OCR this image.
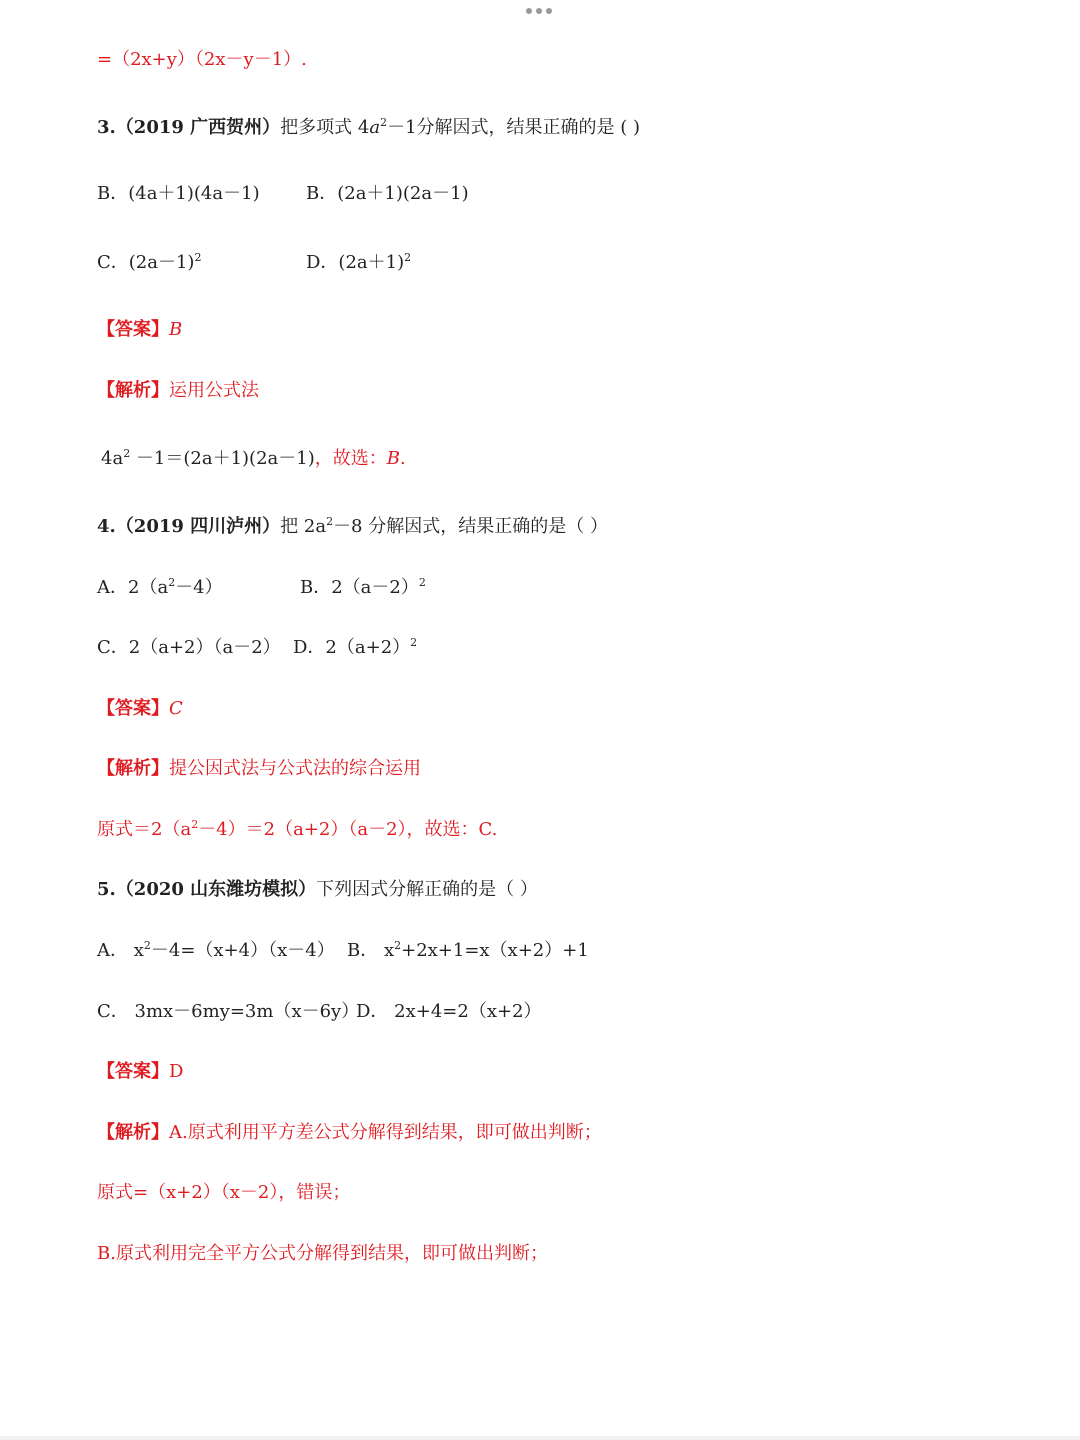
=（2x+y）（2x－y－1）.
3.（2019 广西贺州）把多项式 $4a^2-1$分解因式，结果正确的是 ( )
B．(4a＋1)(4a－1)	B．(2a＋1)(2a－1)
C．$(2a-1)^2$	D．$(2a+1)^2$
【答案】B
【解析】运用公式法
$4a^2 -1=(2a+1)(2a-1)$，故选：B.
4.（2019 四川泸州）把 $2a^2-8$ 分解因式，结果正确的是（ ）
A．$2(a^2-4)$	B．$2(a-2)^2$
C．2（a+2）（a－2） D．$2(a+2)^2$
【答案】C
【解析】提公因式法与公式法的综合运用
原式$=2(a^2-4)=2(a+2)(a-2)$，故选：C.
5.（2020 山东潍坊模拟）下列因式分解正确的是（ ）
A． $x^2-4=(x+4)(x-4)$ B． $x^2+2x+1=x(x+2)+1$
C． 3mx－6my=3m（x－6y）
D． 2x+4=2（x+2）
【答案】D
【解析】A.原式利用平方差公式分解得到结果，即可做出判断；
原式=（x+2）（x－2），错误；
B.原式利用完全平方公式分解得到结果，即可做出判断；
